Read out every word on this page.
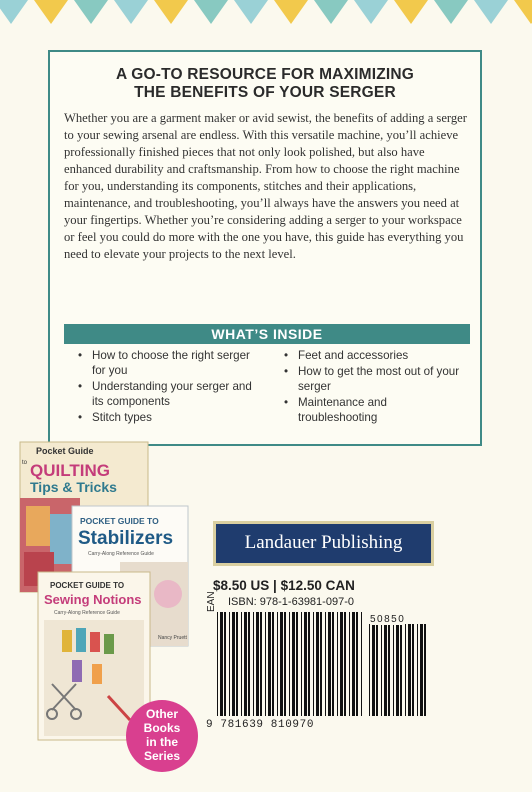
A GO-TO RESOURCE FOR MAXIMIZING
THE BENEFITS OF YOUR SERGER
Whether you are a garment maker or avid sewist, the benefits of adding a serger to your sewing arsenal are endless. With this versatile machine, you’ll achieve professionally finished pieces that not only look polished, but also have enhanced durability and craftsmanship. From how to choose the right machine for you, understanding its components, stitches and their applications, maintenance, and troubleshooting, you’ll always have the answers you need at your fingertips. Whether you’re considering adding a serger to your workspace or feel you could do more with the one you have, this guide has everything you need to elevate your projects to the next level.
WHAT’S INSIDE
• How to choose the right serger for you
• Understanding your serger and its components
• Stitch types
• Feet and accessories
• How to get the most out of your serger
• Maintenance and troubleshooting
Pocket Guide
to QUILTING
Tips & Tricks
POCKET GUIDE TO
Stabilizers
Carry-Along Reference Guide
Nancy Pruett
POCKET GUIDE TO
Sewing Notions
Carry-Along Reference Guide
Other
Books
in the
Series
Landauer Publishing
$8.50 US | $12.50 CAN
ISBN: 978-1-63981-097-0
EAN
50850
9 781639 810970
